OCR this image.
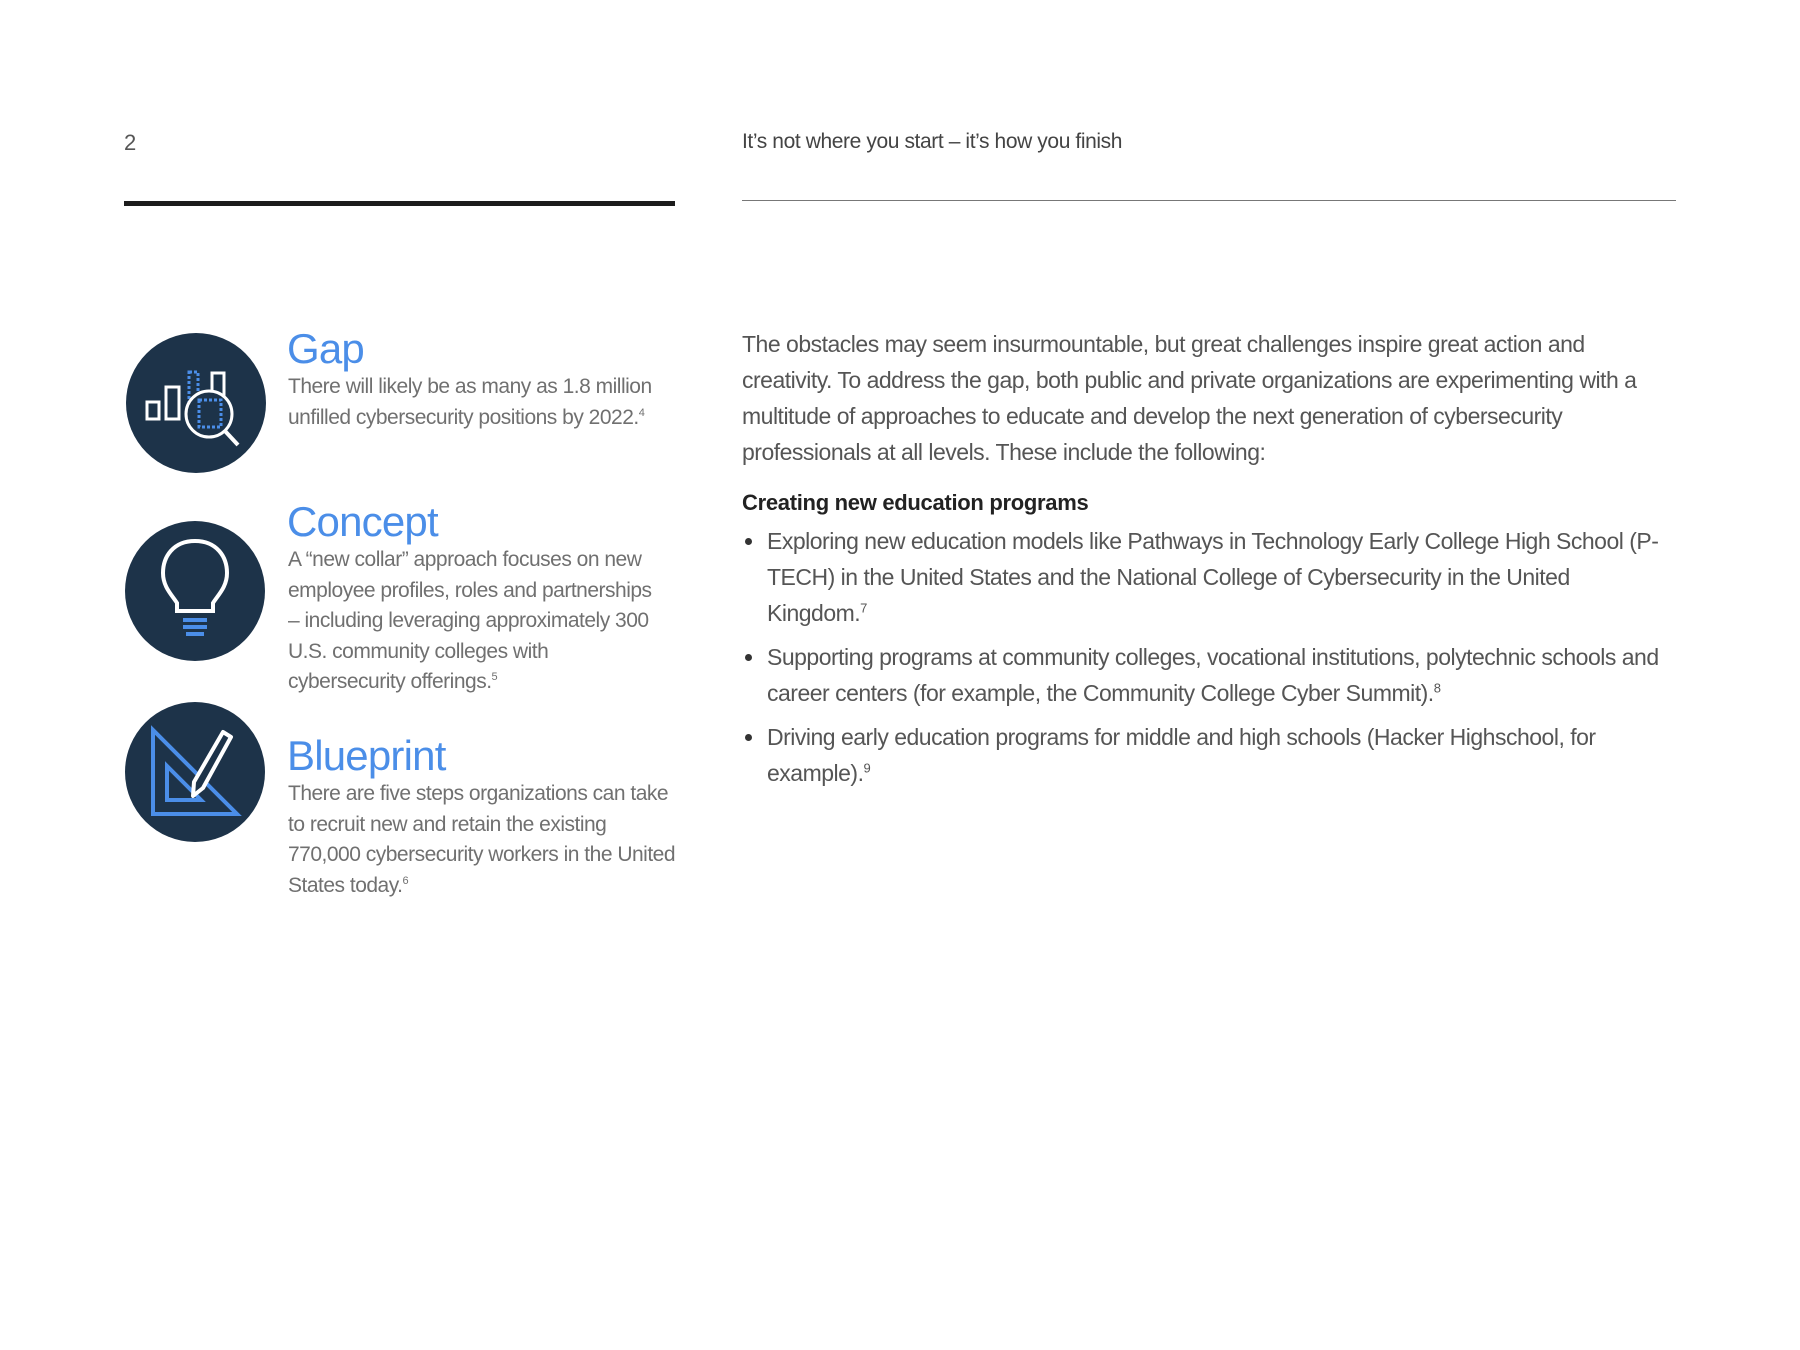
2	It’s not where you start – it’s how you finish
Gap
There will likely be as many as 1.8 million unfilled cybersecurity positions by 2022.$^4$
Concept
A “new collar” approach focuses on new employee profiles, roles and partnerships – including leveraging approximately 300 U.S. community colleges with cybersecurity offerings.$^5$
Blueprint
There are five steps organizations can take to recruit new and retain the existing 770,000 cybersecurity workers in the United States today.$^6$
The obstacles may seem insurmountable, but great challenges inspire great action and creativity. To address the gap, both public and private organizations are experimenting with a multitude of approaches to educate and develop the next generation of cybersecurity professionals at all levels. These include the following:
Creating new education programs
Exploring new education models like Pathways in Technology Early College High School (P-TECH) in the United States and the National College of Cybersecurity in the United Kingdom.$^7$
Supporting programs at community colleges, vocational institutions, polytechnic schools and career centers (for example, the Community College Cyber Summit).$^8$
Driving early education programs for middle and high schools (Hacker Highschool, for example).$^9$
